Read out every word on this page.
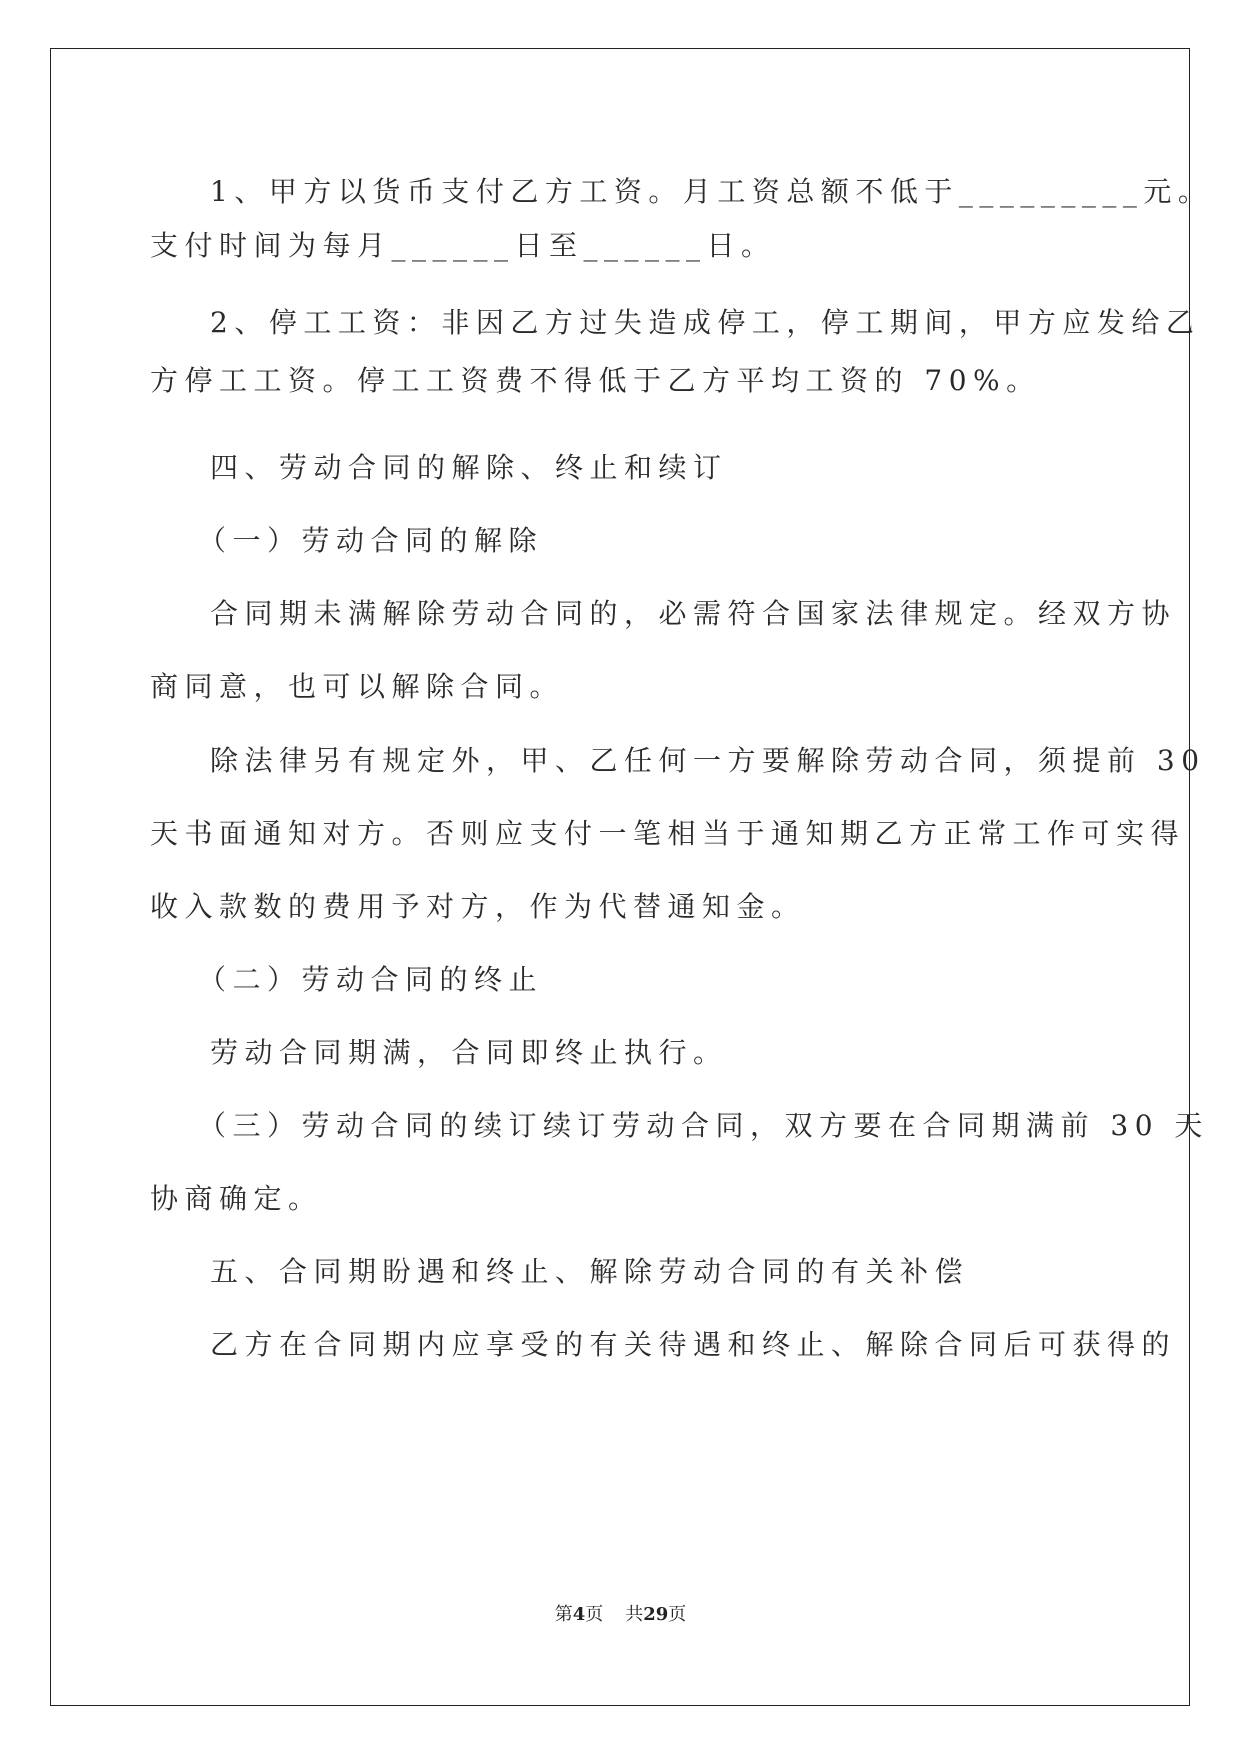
1、甲方以货币支付乙方工资。月工资总额不低于_________元。
支付时间为每月______日至______日。
2、停工工资：非因乙方过失造成停工，停工期间，甲方应发给乙
方停工工资。停工工资费不得低于乙方平均工资的 70%。
四、劳动合同的解除、终止和续订
（一）劳动合同的解除
合同期未满解除劳动合同的，必需符合国家法律规定。经双方协
商同意，也可以解除合同。
除法律另有规定外，甲、乙任何一方要解除劳动合同，须提前 30
天书面通知对方。否则应支付一笔相当于通知期乙方正常工作可实得
收入款数的费用予对方，作为代替通知金。
（二）劳动合同的终止
劳动合同期满，合同即终止执行。
（三）劳动合同的续订续订劳动合同，双方要在合同期满前 30 天
协商确定。
五、合同期盼遇和终止、解除劳动合同的有关补偿
乙方在合同期内应享受的有关待遇和终止、解除合同后可获得的
第4页 共29页
